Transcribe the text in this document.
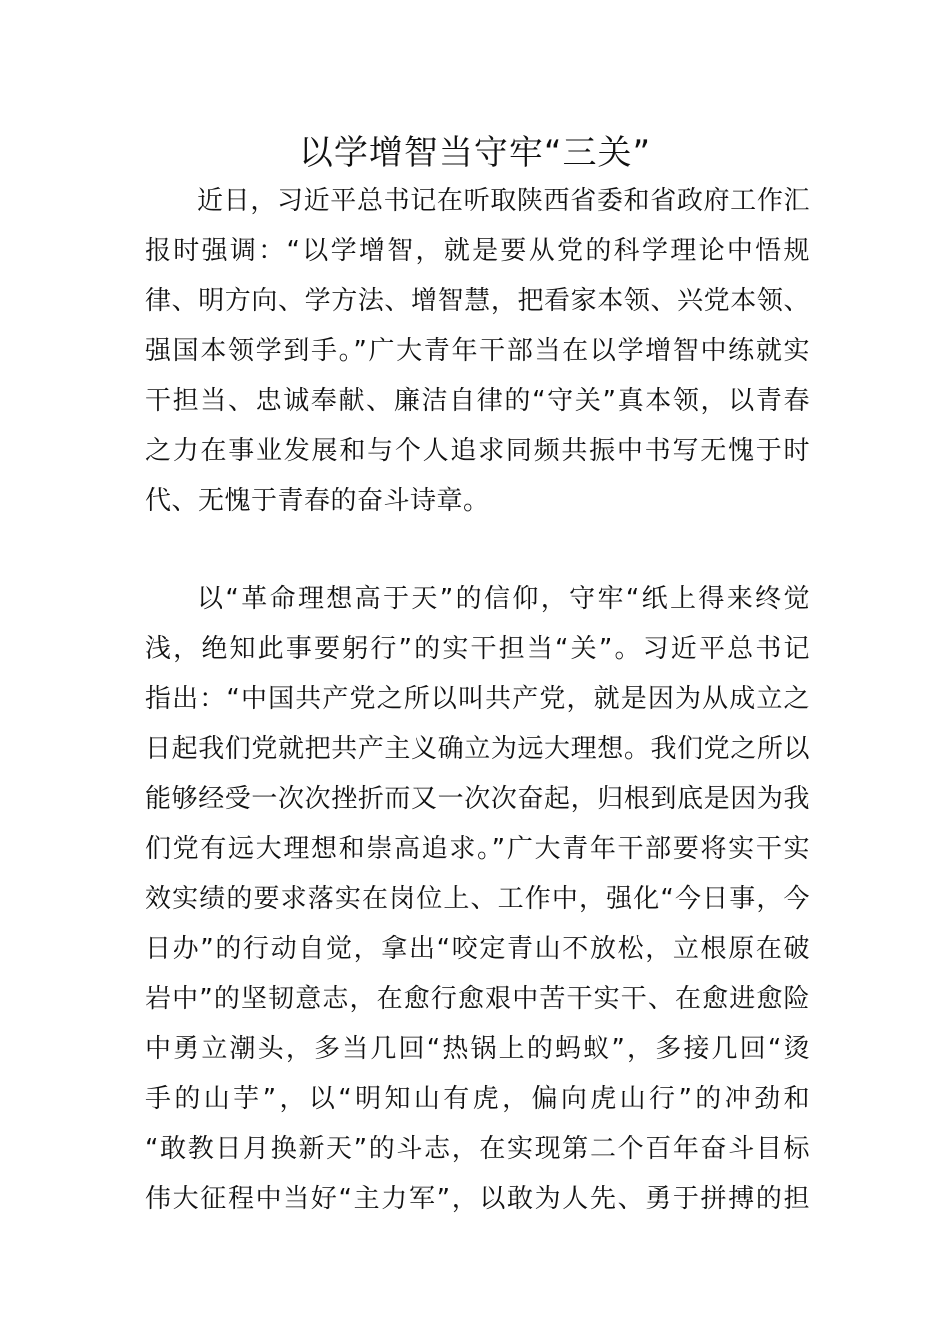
以学增智当守牢“三关”
近日，习近平总书记在听取陕西省委和省政府工作汇
报时强调：“以学增智，就是要从党的科学理论中悟规
律、明方向、学方法、增智慧，把看家本领、兴党本领、
强国本领学到手。”广大青年干部当在以学增智中练就实
干担当、忠诚奉献、廉洁自律的“守关”真本领，以青春
之力在事业发展和与个人追求同频共振中书写无愧于时
代、无愧于青春的奋斗诗章。
以“革命理想高于天”的信仰，守牢“纸上得来终觉
浅，绝知此事要躬行”的实干担当“关”。习近平总书记
指出：“中国共产党之所以叫共产党，就是因为从成立之
日起我们党就把共产主义确立为远大理想。我们党之所以
能够经受一次次挫折而又一次次奋起，归根到底是因为我
们党有远大理想和崇高追求。”广大青年干部要将实干实
效实绩的要求落实在岗位上、工作中，强化“今日事，今
日办”的行动自觉，拿出“咬定青山不放松，立根原在破
岩中”的坚韧意志，在愈行愈艰中苦干实干、在愈进愈险
中勇立潮头，多当几回“热锅上的蚂蚁”，多接几回“烫
手的山芋”，以“明知山有虎，偏向虎山行”的冲劲和
“敢教日月换新天”的斗志，在实现第二个百年奋斗目标
伟大征程中当好“主力军”，以敢为人先、勇于拼搏的担
